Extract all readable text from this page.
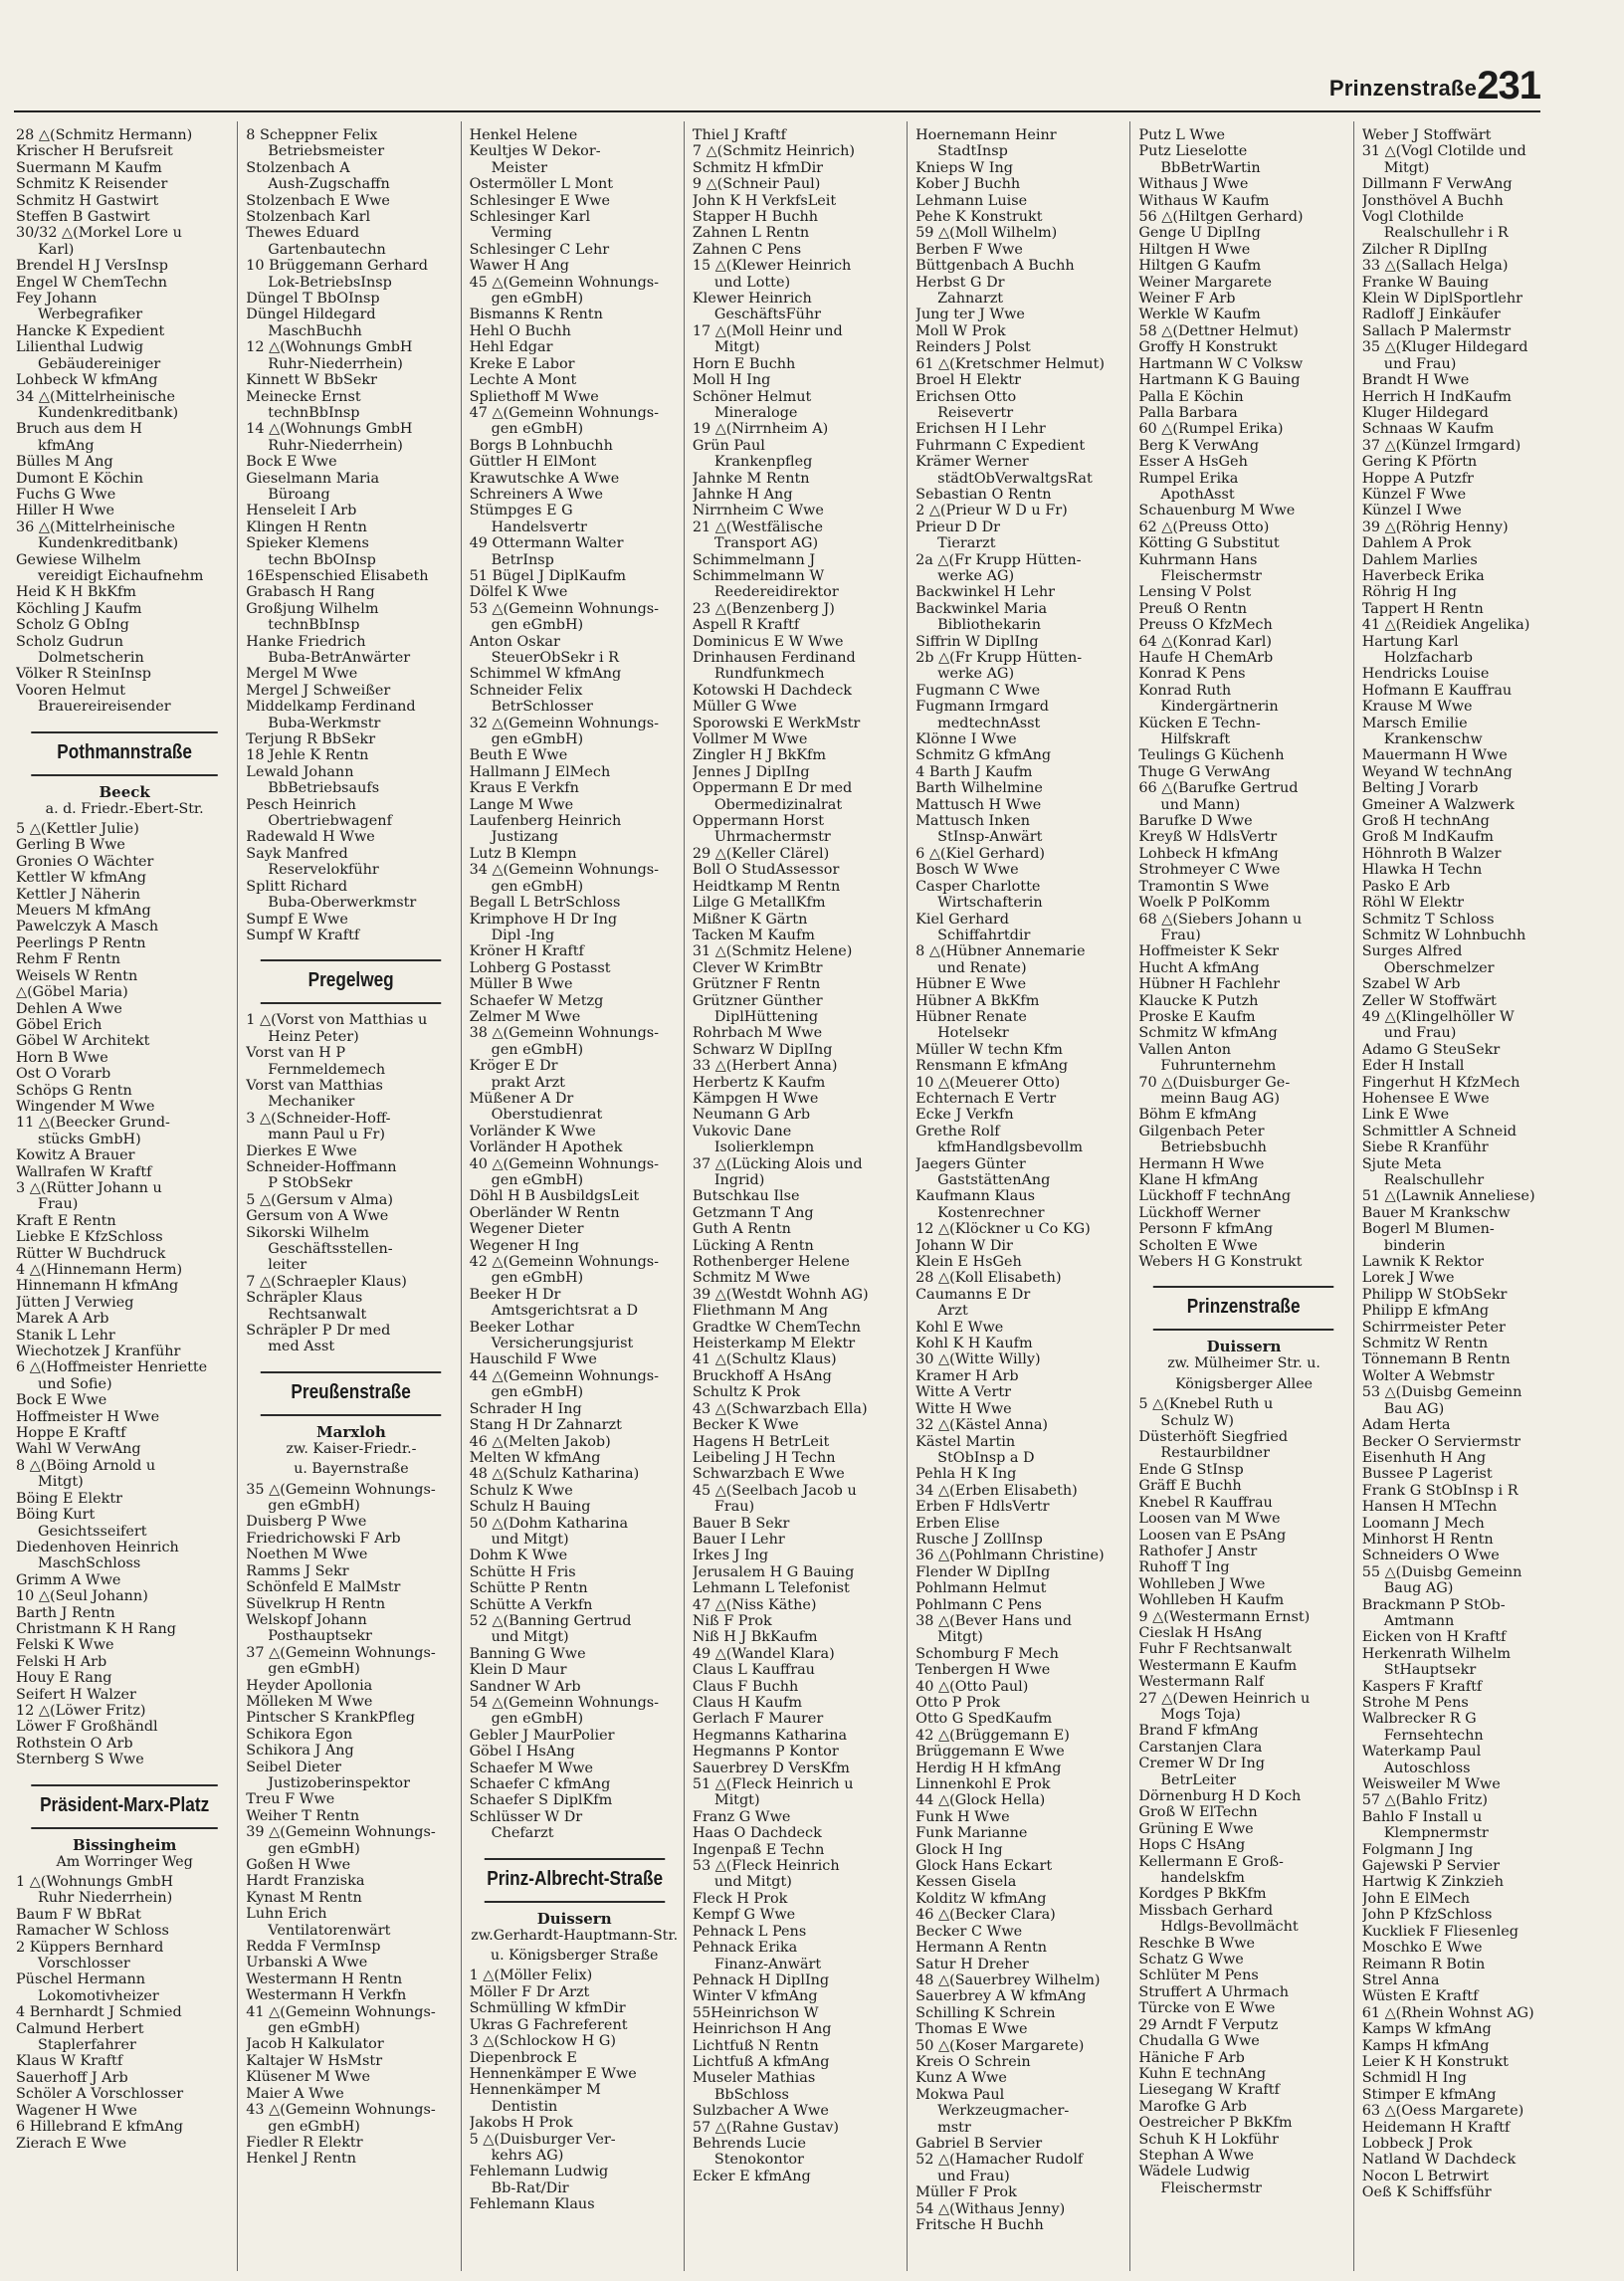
Prinzenstraße 231
28 △(Schmitz Hermann)
Krischer H Berufsreit
Suermann M Kaufm
Schmitz K Reisender
Schmitz H Gastwirt
Steffen B Gastwirt
30/32 △(Morkel Lore u
Karl)
Brendel H J VersInsp
Engel W ChemTechn
Fey Johann
Werbegrafiker
Hancke K Expedient
Lilienthal Ludwig
Gebäudereiniger
Lohbeck W kfmAng
34 △(Mittelrheinische
Kundenkreditbank)
Bruch aus dem H
kfmAng
Bülles M Ang
Dumont E Köchin
Fuchs G Wwe
Hiller H Wwe
36 △(Mittelrheinische
Kundenkreditbank)
Gewiese Wilhelm
vereidigt Eichaufnehm
Heid K H BkKfm
Köchling J Kaufm
Scholz G ObIng
Scholz Gudrun
Dolmetscherin
Völker R SteinInsp
Vooren Helmut
Brauereireisender
Pothmannstraße
Beeck
a. d. Friedr.-Ebert-Str.
5 △(Kettler Julie)
Gerling B Wwe
Gronies O Wächter
Kettler W kfmAng
Kettler J Näherin
Meuers M kfmAng
Pawelczyk A Masch
Peerlings P Rentn
Rehm F Rentn
Weisels W Rentn
△(Göbel Maria)
Dehlen A Wwe
Göbel Erich
Göbel W Architekt
Horn B Wwe
Ost O Vorarb
Schöps G Rentn
Wingender M Wwe
11 △(Beecker Grund-
stücks GmbH)
Kowitz A Brauer
Wallrafen W Kraftf
3 △(Rütter Johann u
Frau)
Kraft E Rentn
Liebke E KfzSchloss
Rütter W Buchdruck
4 △(Hinnemann Herm)
Hinnemann H kfmAng
Jütten J Verwieg
Marek A Arb
Stanik L Lehr
Wiechotzek J Kranführ
6 △(Hoffmeister Henriette
und Sofie)
Bock E Wwe
Hoffmeister H Wwe
Hoppe E Kraftf
Wahl W VerwAng
8 △(Böing Arnold u
Mitgt)
Böing E Elektr
Böing Kurt
Gesichtsseifert
Diedenhoven Heinrich
MaschSchloss
Grimm A Wwe
10 △(Seul Johann)
Barth J Rentn
Christmann K H Rang
Felski K Wwe
Felski H Arb
Houy E Rang
Seifert H Walzer
12 △(Löwer Fritz)
Löwer F Großhändl
Rothstein O Arb
Sternberg S Wwe
Präsident-Marx-Platz
Bissingheim
Am Worringer Weg
1 △(Wohnungs GmbH
Ruhr Niederrhein)
Baum F W BbRat
Ramacher W Schloss
2 Küppers Bernhard
Vorschlosser
Püschel Hermann
Lokomotivheizer
4 Bernhardt J Schmied
Calmund Herbert
Staplerfahrer
Klaus W Kraftf
Sauerhoff J Arb
Schöler A Vorschlosser
Wagener H Wwe
6 Hillebrand E kfmAng
Zierach E Wwe
8 Scheppner Felix
Betriebsmeister
Stolzenbach A
Aush-Zugschaffn
Stolzenbach E Wwe
Stolzenbach Karl
Thewes Eduard
Gartenbautechn
10 Brüggemann Gerhard
Lok-BetriebsInsp
Düngel T BbOInsp
Düngel Hildegard
MaschBuchh
12 △(Wohnungs GmbH
Ruhr-Niederrhein)
Kinnett W BbSekr
Meinecke Ernst
technBbInsp
14 △(Wohnungs GmbH
Ruhr-Niederrhein)
Bock E Wwe
Gieselmann Maria
Büroang
Henseleit I Arb
Klingen H Rentn
Spieker Klemens
techn BbOInsp
16Espenschied Elisabeth
Grabasch H Rang
Großjung Wilhelm
technBbInsp
Hanke Friedrich
Buba-BetrAnwärter
Mergel M Wwe
Mergel J Schweißer
Middelkamp Ferdinand
Buba-Werkmstr
Terjung R BbSekr
18 Jehle K Rentn
Lewald Johann
BbBetriebsaufs
Pesch Heinrich
Obertriebwagenf
Radewald H Wwe
Sayk Manfred
Reservelokführ
Splitt Richard
Buba-Oberwerkmstr
Sumpf E Wwe
Sumpf W Kraftf
Pregelweg
1 △(Vorst von Matthias u
Heinz Peter)
Vorst van H P
Fernmeldemech
Vorst van Matthias
Mechaniker
3 △(Schneider-Hoff-
mann Paul u Fr)
Dierkes E Wwe
Schneider-Hoffmann
P StObSekr
5 △(Gersum v Alma)
Gersum von A Wwe
Sikorski Wilhelm
Geschäftsstellen-
leiter
7 △(Schraepler Klaus)
Schräpler Klaus
Rechtsanwalt
Schräpler P Dr med
med Asst
Preußenstraße
Marxloh
zw. Kaiser-Friedr.-
u. Bayernstraße
35 △(Gemeinn Wohnungs-
gen eGmbH)
Duisberg P Wwe
Friedrichowski F Arb
Noethen M Wwe
Ramms J Sekr
Schönfeld E MalMstr
Süvelkrup H Rentn
Welskopf Johann
Posthauptsekr
37 △(Gemeinn Wohnungs-
gen eGmbH)
Heyder Apollonia
Mölleken M Wwe
Pintscher S KrankPfleg
Schikora Egon
Schikora J Ang
Seibel Dieter
Justizoberinspektor
Treu F Wwe
Weiher T Rentn
39 △(Gemeinn Wohnungs-
gen eGmbH)
Goßen H Wwe
Hardt Franziska
Kynast M Rentn
Luhn Erich
Ventilatorenwärt
Redda F VermInsp
Urbanski A Wwe
Westermann H Rentn
Westermann H Verkfn
41 △(Gemeinn Wohnungs-
gen eGmbH)
Jacob H Kalkulator
Kaltajer W HsMstr
Klüsener M Wwe
Maier A Wwe
43 △(Gemeinn Wohnungs-
gen eGmbH)
Fiedler R Elektr
Henkel J Rentn
Henkel Helene
Keultjes W Dekor-
Meister
Ostermöller L Mont
Schlesinger E Wwe
Schlesinger Karl
Verming
Schlesinger C Lehr
Wawer H Ang
45 △(Gemeinn Wohnungs-
gen eGmbH)
Bismanns K Rentn
Hehl O Buchh
Hehl Edgar
Kreke E Labor
Lechte A Mont
Spliethoff M Wwe
47 △(Gemeinn Wohnungs-
gen eGmbH)
Borgs B Lohnbuchh
Güttler H ElMont
Krawutschke A Wwe
Schreiners A Wwe
Stümpges E G
Handelsvertr
49 Ottermann Walter
BetrInsp
51 Bügel J DiplKaufm
Dölfel K Wwe
53 △(Gemeinn Wohnungs-
gen eGmbH)
Anton Oskar
SteuerObSekr i R
Schimmel W kfmAng
Schneider Felix
BetrSchlosser
32 △(Gemeinn Wohnungs-
gen eGmbH)
Beuth E Wwe
Hallmann J ElMech
Kraus E Verkfn
Lange M Wwe
Laufenberg Heinrich
Justizang
Lutz B Klempn
34 △(Gemeinn Wohnungs-
gen eGmbH)
Begall L BetrSchloss
Krimphove H Dr Ing
Dipl -Ing
Kröner H Kraftf
Lohberg G Postasst
Müller B Wwe
Schaefer W Metzg
Zelmer M Wwe
38 △(Gemeinn Wohnungs-
gen eGmbH)
Kröger E Dr
prakt Arzt
Müßener A Dr
Oberstudienrat
Vorländer K Wwe
Vorländer H Apothek
40 △(Gemeinn Wohnungs-
gen eGmbH)
Döhl H B AusbildgsLeit
Oberländer W Rentn
Wegener Dieter
Wegener H Ing
42 △(Gemeinn Wohnungs-
gen eGmbH)
Beeker H Dr
Amtsgerichtsrat a D
Beeker Lothar
Versicherungsjurist
Hauschild F Wwe
44 △(Gemeinn Wohnungs-
gen eGmbH)
Schrader H Ing
Stang H Dr Zahnarzt
46 △(Melten Jakob)
Melten W kfmAng
48 △(Schulz Katharina)
Schulz K Wwe
Schulz H Bauing
50 △(Dohm Katharina
und Mitgt)
Dohm K Wwe
Schütte H Fris
Schütte P Rentn
Schütte A Verkfn
52 △(Banning Gertrud
und Mitgt)
Banning G Wwe
Klein D Maur
Sandner W Arb
54 △(Gemeinn Wohnungs-
gen eGmbH)
Gebler J MaurPolier
Göbel I HsAng
Schaefer M Wwe
Schaefer C kfmAng
Schaefer S DiplKfm
Schlüsser W Dr
Chefarzt
Prinz-Albrecht-Straße
Duissern
zw.Gerhardt-Hauptmann-Str.
u. Königsberger Straße
1 △(Möller Felix)
Möller F Dr Arzt
Schmülling W kfmDir
Ukras G Fachreferent
3 △(Schlockow H G)
Diepenbrock E
Hennenkämper E Wwe
Hennenkämper M
Dentistin
Jakobs H Prok
5 △(Duisburger Ver-
kehrs AG)
Fehlemann Ludwig
Bb-Rat/Dir
Fehlemann Klaus
Thiel J Kraftf
7 △(Schmitz Heinrich)
Schmitz H kfmDir
9 △(Schneir Paul)
John K H VerkfsLeit
Stapper H Buchh
Zahnen L Rentn
Zahnen C Pens
15 △(Klewer Heinrich
und Lotte)
Klewer Heinrich
GeschäftsFühr
17 △(Moll Heinr und
Mitgt)
Horn E Buchh
Moll H Ing
Schöner Helmut
Mineraloge
19 △(Nirrnheim A)
Grün Paul
Krankenpfleg
Jahnke M Rentn
Jahnke H Ang
Nirrnheim C Wwe
21 △(Westfälische
Transport AG)
Schimmelmann J
Schimmelmann W
Reedereidirektor
23 △(Benzenberg J)
Aspell R Kraftf
Dominicus E W Wwe
Drinhausen Ferdinand
Rundfunkmech
Kotowski H Dachdeck
Müller G Wwe
Sporowski E WerkMstr
Vollmer M Wwe
Zingler H J BkKfm
Jennes J DiplIng
Oppermann E Dr med
Obermedizinalrat
Oppermann Horst
Uhrmachermstr
29 △(Keller Clärel)
Boll O StudAssessor
Heidtkamp M Rentn
Lilge G MetallKfm
Mißner K Gärtn
Tacken M Kaufm
31 △(Schmitz Helene)
Clever W KrimBtr
Grützner F Rentn
Grützner Günther
DiplHüttening
Rohrbach M Wwe
Schwarz W DiplIng
33 △(Herbert Anna)
Herbertz K Kaufm
Kämpgen H Wwe
Neumann G Arb
Vukovic Dane
Isolierklempn
37 △(Lücking Alois und
Ingrid)
Butschkau Ilse
Getzmann T Ang
Guth A Rentn
Lücking A Rentn
Rothenberger Helene
Schmitz M Wwe
39 △(Westdt Wohnh AG)
Fliethmann M Ang
Gradtke W ChemTechn
Heisterkamp M Elektr
41 △(Schultz Klaus)
Bruckhoff A HsAng
Schultz K Prok
43 △(Schwarzbach Ella)
Becker K Wwe
Hagens H BetrLeit
Leibeling J H Techn
Schwarzbach E Wwe
45 △(Seelbach Jacob u
Frau)
Bauer B Sekr
Bauer I Lehr
Irkes J Ing
Jerusalem H G Bauing
Lehmann L Telefonist
47 △(Niss Käthe)
Niß F Prok
Niß H J BkKaufm
49 △(Wandel Klara)
Claus L Kauffrau
Claus F Buchh
Claus H Kaufm
Gerlach F Maurer
Hegmanns Katharina
Hegmanns P Kontor
Sauerbrey D VersKfm
51 △(Fleck Heinrich u
Mitgt)
Franz G Wwe
Haas O Dachdeck
Ingenpaß E Techn
53 △(Fleck Heinrich
und Mitgt)
Fleck H Prok
Kempf G Wwe
Pehnack L Pens
Pehnack Erika
Finanz-Anwärt
Pehnack H DiplIng
Winter V kfmAng
55Heinrichson W
Heinrichson H Ang
Lichtfuß N Rentn
Lichtfuß A kfmAng
Museler Mathias
BbSchloss
Sulzbacher A Wwe
57 △(Rahne Gustav)
Behrends Lucie
Stenokontor
Ecker E kfmAng
Hoernemann Heinr
StadtInsp
Knieps W Ing
Kober J Buchh
Lehmann Luise
Pehe K Konstrukt
59 △(Moll Wilhelm)
Berben F Wwe
Büttgenbach A Buchh
Herbst G Dr
Zahnarzt
Jung ter J Wwe
Moll W Prok
Reinders J Polst
61 △(Kretschmer Helmut)
Broel H Elektr
Erichsen Otto
Reisevertr
Erichsen H I Lehr
Fuhrmann C Expedient
Krämer Werner
städtObVerwaltgsRat
Sebastian O Rentn
2 △(Prieur W D u Fr)
Prieur D Dr
Tierarzt
2a △(Fr Krupp Hütten-
werke AG)
Backwinkel H Lehr
Backwinkel Maria
Bibliothekarin
Siffrin W DiplIng
2b △(Fr Krupp Hütten-
werke AG)
Fugmann C Wwe
Fugmann Irmgard
medtechnAsst
Klönne I Wwe
Schmitz G kfmAng
4 Barth J Kaufm
Barth Wilhelmine
Mattusch H Wwe
Mattusch Inken
StInsp-Anwärt
6 △(Kiel Gerhard)
Bosch W Wwe
Casper Charlotte
Wirtschafterin
Kiel Gerhard
Schiffahrtdir
8 △(Hübner Annemarie
und Renate)
Hübner E Wwe
Hübner A BkKfm
Hübner Renate
Hotelsekr
Müller W techn Kfm
Rensmann E kfmAng
10 △(Meuerer Otto)
Echternach E Vertr
Ecke J Verkfn
Grethe Rolf
kfmHandlgsbevollm
Jaegers Günter
GaststättenAng
Kaufmann Klaus
Kostenrechner
12 △(Klöckner u Co KG)
Johann W Dir
Klein E HsGeh
28 △(Koll Elisabeth)
Caumanns E Dr
Arzt
Kohl E Wwe
Kohl K H Kaufm
30 △(Witte Willy)
Kramer H Arb
Witte A Vertr
Witte H Wwe
32 △(Kästel Anna)
Kästel Martin
StObInsp a D
Pehla H K Ing
34 △(Erben Elisabeth)
Erben F HdlsVertr
Erben Elise
Rusche J ZollInsp
36 △(Pohlmann Christine)
Flender W DiplIng
Pohlmann Helmut
Pohlmann C Pens
38 △(Bever Hans und
Mitgt)
Schomburg F Mech
Tenbergen H Wwe
40 △(Otto Paul)
Otto P Prok
Otto G SpedKaufm
42 △(Brüggemann E)
Brüggemann E Wwe
Herdig H H kfmAng
Linnenkohl E Prok
44 △(Glock Hella)
Funk H Wwe
Funk Marianne
Glock H Ing
Glock Hans Eckart
Kessen Gisela
Kolditz W kfmAng
46 △(Becker Clara)
Becker C Wwe
Hermann A Rentn
Satur H Dreher
48 △(Sauerbrey Wilhelm)
Sauerbrey A W kfmAng
Schilling K Schrein
Thomas E Wwe
50 △(Koser Margarete)
Kreis O Schrein
Kunz A Wwe
Mokwa Paul
Werkzeugmacher-
mstr
Gabriel B Servier
52 △(Hamacher Rudolf
und Frau)
Müller F Prok
54 △(Withaus Jenny)
Fritsche H Buchh
Putz L Wwe
Putz Lieselotte
BbBetrWartin
Withaus J Wwe
Withaus W Kaufm
56 △(Hiltgen Gerhard)
Genge U DiplIng
Hiltgen H Wwe
Hiltgen G Kaufm
Weiner Margarete
Weiner F Arb
Werkle W Kaufm
58 △(Dettner Helmut)
Groffy H Konstrukt
Hartmann W C Volksw
Hartmann K G Bauing
Palla E Köchin
Palla Barbara
60 △(Rumpel Erika)
Berg K VerwAng
Esser A HsGeh
Rumpel Erika
ApothAsst
Schauenburg M Wwe
62 △(Preuss Otto)
Kötting G Substitut
Kuhrmann Hans
Fleischermstr
Lensing V Polst
Preuß O Rentn
Preuss O KfzMech
64 △(Konrad Karl)
Haufe H ChemArb
Konrad K Pens
Konrad Ruth
Kindergärtnerin
Kücken E Techn-
Hilfskraft
Teulings G Küchenh
Thuge G VerwAng
66 △(Barufke Gertrud
und Mann)
Barufke D Wwe
Kreyß W HdlsVertr
Lohbeck H kfmAng
Strohmeyer C Wwe
Tramontin S Wwe
Woelk P PolKomm
68 △(Siebers Johann u
Frau)
Hoffmeister K Sekr
Hucht A kfmAng
Hübner H Fachlehr
Klaucke K Putzh
Proske E Kaufm
Schmitz W kfmAng
Vallen Anton
Fuhrunternehm
70 △(Duisburger Ge-
meinn Baug AG)
Böhm E kfmAng
Gilgenbach Peter
Betriebsbuchh
Hermann H Wwe
Klane H kfmAng
Lückhoff F technAng
Lückhoff Werner
Personn F kfmAng
Scholten E Wwe
Webers H G Konstrukt
Prinzenstraße
Duissern
zw. Mülheimer Str. u.
Königsberger Allee
5 △(Knebel Ruth u
Schulz W)
Düsterhöft Siegfried
Restaurbildner
Ende G StInsp
Gräff E Buchh
Knebel R Kauffrau
Loosen van M Wwe
Loosen van E PsAng
Rathofer J Anstr
Ruhoff T Ing
Wohlleben J Wwe
Wohlleben H Kaufm
9 △(Westermann Ernst)
Cieslak H HsAng
Fuhr F Rechtsanwalt
Westermann E Kaufm
Westermann Ralf
27 △(Dewen Heinrich u
Mogs Toja)
Brand F kfmAng
Carstanjen Clara
Cremer W Dr Ing
BetrLeiter
Dörnenburg H D Koch
Groß W ElTechn
Grüning E Wwe
Hops C HsAng
Kellermann E Groß-
handelskfm
Kordges P BkKfm
Missbach Gerhard
Hdlgs-Bevollmächt
Reschke B Wwe
Schatz G Wwe
Schlüter M Pens
Struffert A Uhrmach
Türcke von E Wwe
29 Arndt F Verputz
Chudalla G Wwe
Häniche F Arb
Kuhn E technAng
Liesegang W Kraftf
Marofke G Arb
Oestreicher P BkKfm
Schuh K H Lokführ
Stephan A Wwe
Wädele Ludwig
Fleischermstr
Weber J Stoffwärt
31 △(Vogl Clotilde und
Mitgt)
Dillmann F VerwAng
Jonsthövel A Buchh
Vogl Clothilde
Realschullehr i R
Zilcher R DiplIng
33 △(Sallach Helga)
Franke W Bauing
Klein W DiplSportlehr
Radloff J Einkäufer
Sallach P Malermstr
35 △(Kluger Hildegard
und Frau)
Brandt H Wwe
Herrich H IndKaufm
Kluger Hildegard
Schnaas W Kaufm
37 △(Künzel Irmgard)
Gering K Pförtn
Hoppe A Putzfr
Künzel F Wwe
Künzel I Wwe
39 △(Röhrig Henny)
Dahlem A Prok
Dahlem Marlies
Haverbeck Erika
Röhrig H Ing
Tappert H Rentn
41 △(Reidiek Angelika)
Hartung Karl
Holzfacharb
Hendricks Louise
Hofmann E Kauffrau
Krause M Wwe
Marsch Emilie
Krankenschw
Mauermann H Wwe
Weyand W technAng
Belting J Vorarb
Gmeiner A Walzwerk
Groß H technAng
Groß M IndKaufm
Höhnroth B Walzer
Hlawka H Techn
Pasko E Arb
Röhl W Elektr
Schmitz T Schloss
Schmitz W Lohnbuchh
Surges Alfred
Oberschmelzer
Szabel W Arb
Zeller W Stoffwärt
49 △(Klingelhöller W
und Frau)
Adamo G SteuSekr
Eder H Install
Fingerhut H KfzMech
Hohensee E Wwe
Link E Wwe
Schmittler A Schneid
Siebe R Kranführ
Sjute Meta
Realschullehr
51 △(Lawnik Anneliese)
Bauer M Krankschw
Bogerl M Blumen-
binderin
Lawnik K Rektor
Lorek J Wwe
Philipp W StObSekr
Philipp E kfmAng
Schirrmeister Peter
Schmitz W Rentn
Tönnemann B Rentn
Wolter A Webmstr
53 △(Duisbg Gemeinn
Bau AG)
Adam Herta
Becker O Serviermstr
Eisenhuth H Ang
Bussee P Lagerist
Frank G StObInsp i R
Hansen H MTechn
Loomann J Mech
Minhorst H Rentn
Schneiders O Wwe
55 △(Duisbg Gemeinn
Baug AG)
Brackmann P StOb-
Amtmann
Eicken von H Kraftf
Herkenrath Wilhelm
StHauptsekr
Kaspers F Kraftf
Strohe M Pens
Walbrecker R G
Fernsehtechn
Waterkamp Paul
Autoschloss
Weisweiler M Wwe
57 △(Bahlo Fritz)
Bahlo F Install u
Klempnermstr
Folgmann J Ing
Gajewski P Servier
Hartwig K Zinkzieh
John E ElMech
John P KfzSchloss
Kuckliek F Fliesenleg
Moschko E Wwe
Reimann R Botin
Strel Anna
Wüsten E Kraftf
61 △(Rhein Wohnst AG)
Kamps W kfmAng
Kamps H kfmAng
Leier K H Konstrukt
Schmidl H Ing
Stimper E kfmAng
63 △(Oess Margarete)
Heidemann H Kraftf
Lobbeck J Prok
Natland W Dachdeck
Nocon L Betrwirt
Oeß K Schiffsführ
